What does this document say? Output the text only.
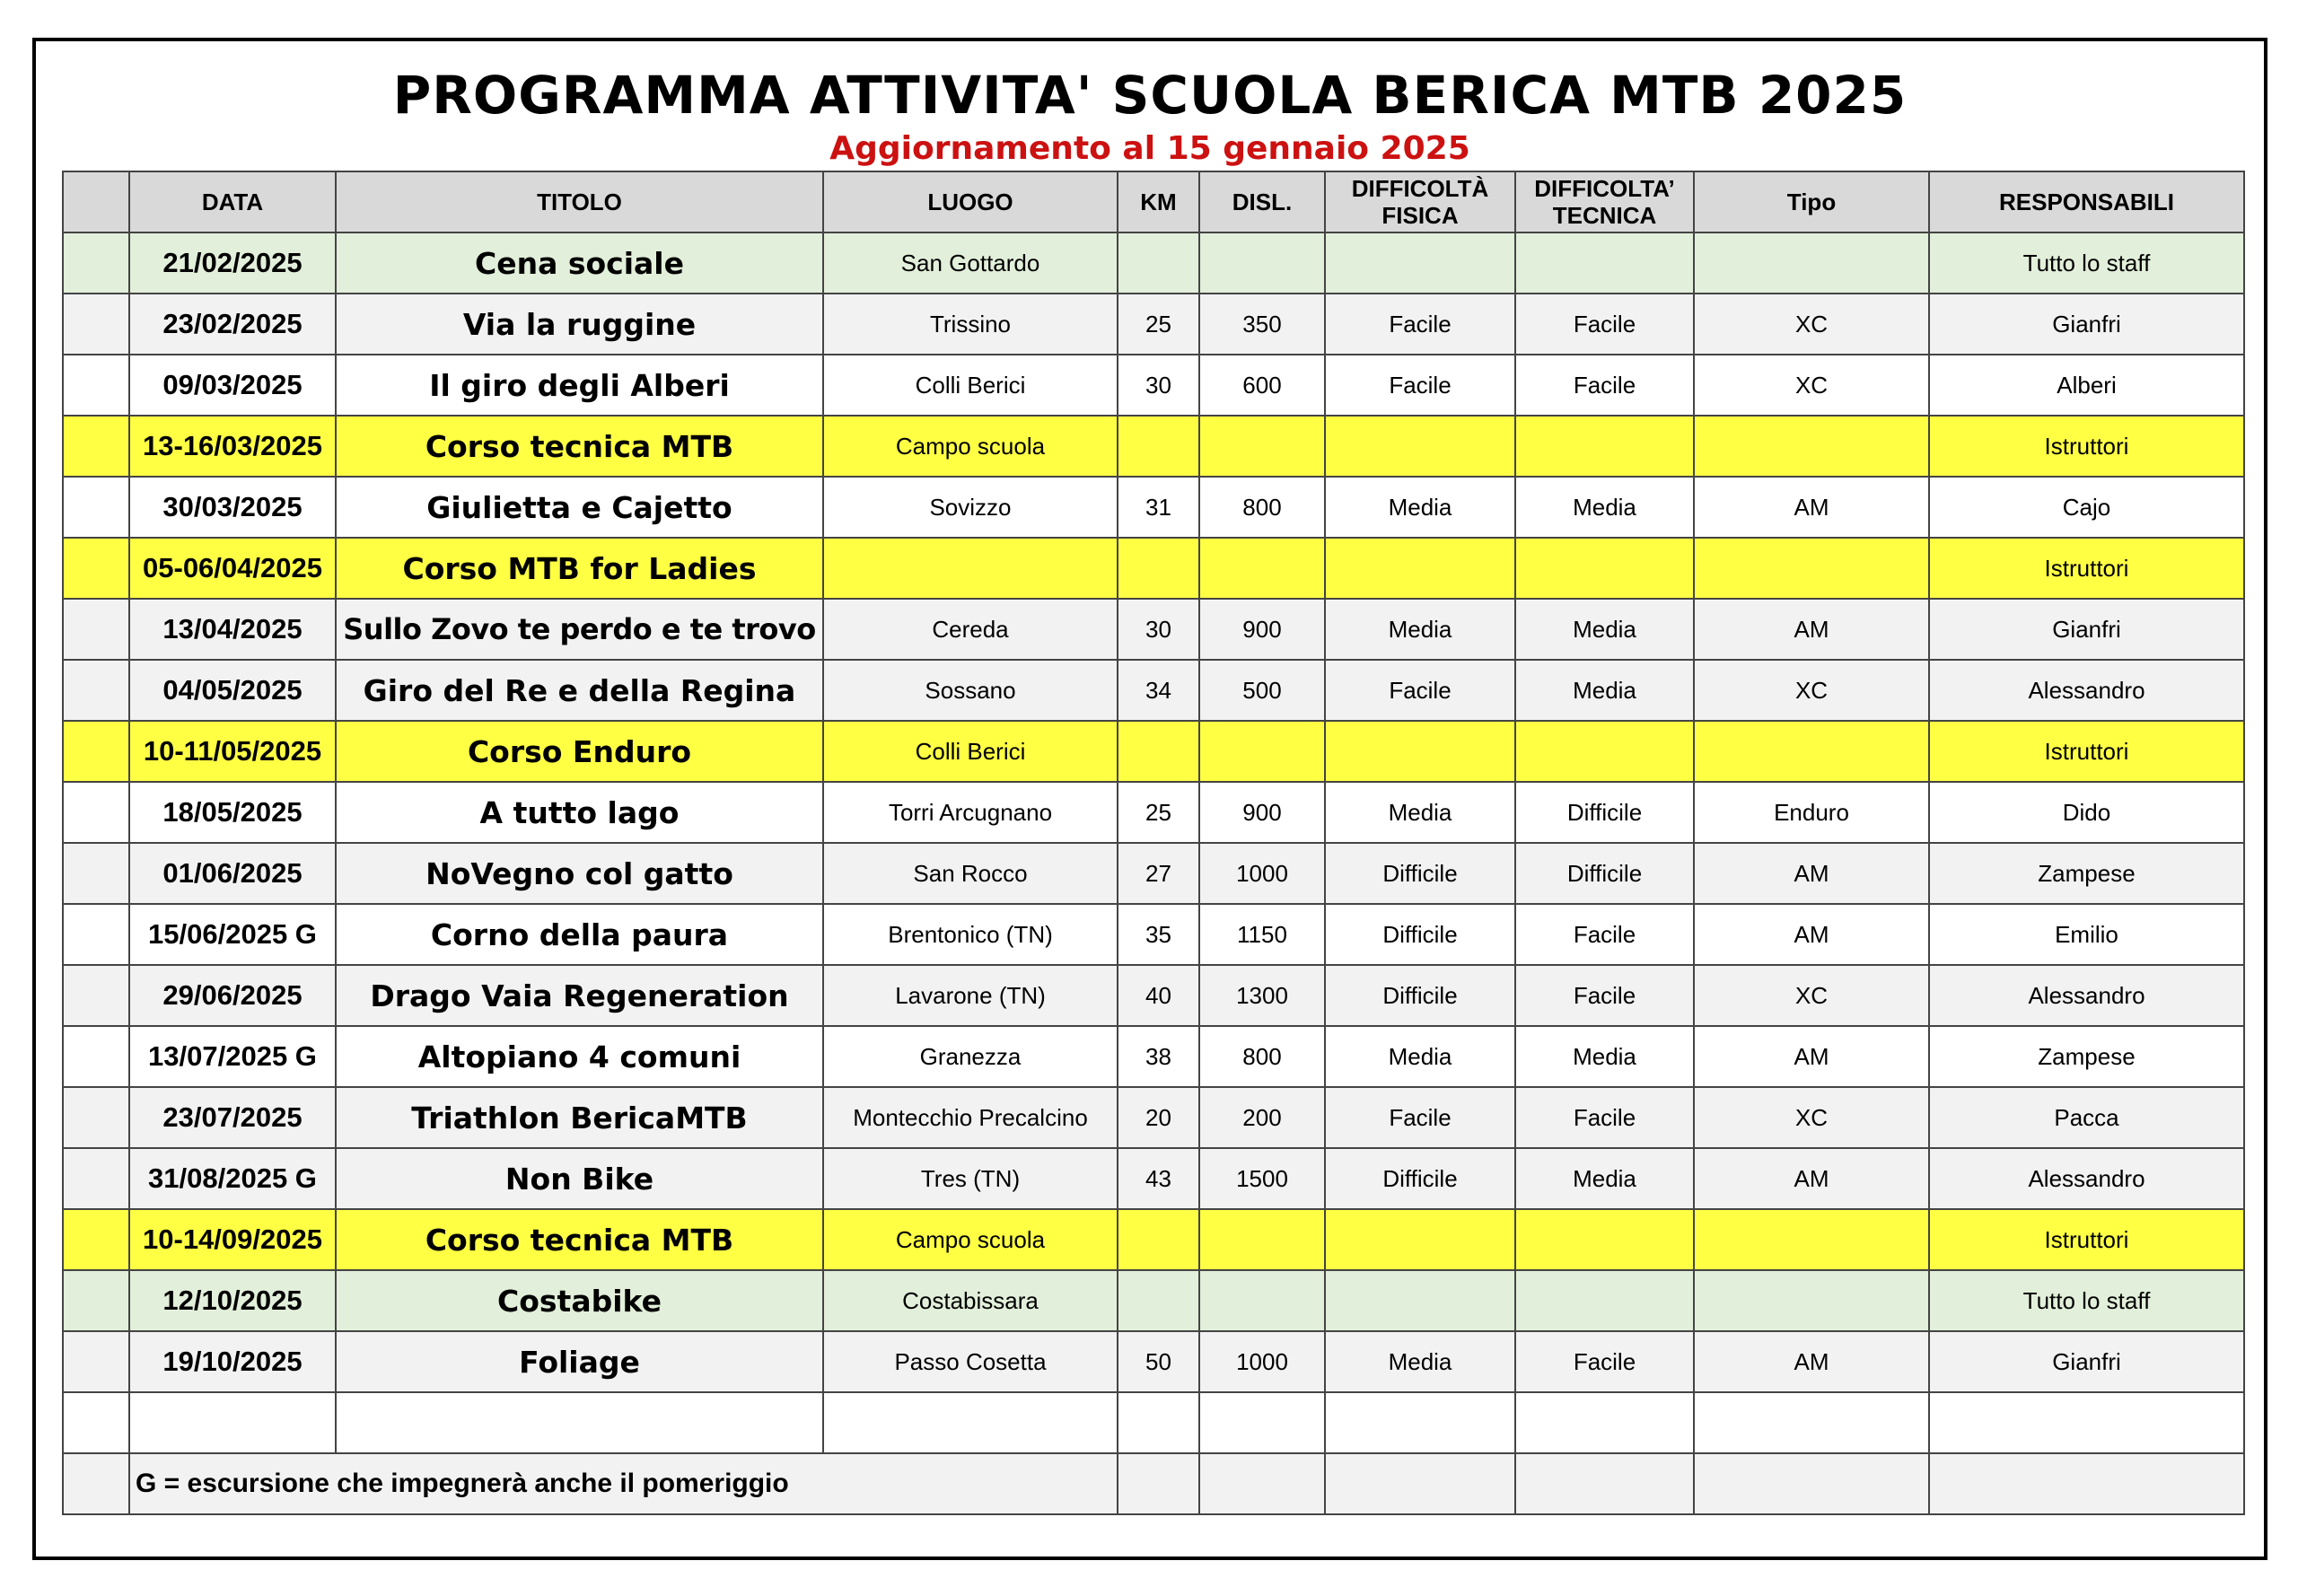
PROGRAMMA ATTIVITA' SCUOLA BERICA MTB 2025
Aggiornamento al 15 gennaio 2025
	DATA	TITOLO	LUOGO	KM	DISL.	DIFFICOLTÀ FISICA	DIFFICOLTA’ TECNICA	Tipo	RESPONSABILI
	21/02/2025	Cena sociale	San Gottardo						Tutto lo staff
	23/02/2025	Via la ruggine	Trissino	25	350	Facile	Facile	XC	Gianfri
	09/03/2025	Il giro degli Alberi	Colli Berici	30	600	Facile	Facile	XC	Alberi
	13-16/03/2025	Corso tecnica MTB	Campo scuola						Istruttori
	30/03/2025	Giulietta e Cajetto	Sovizzo	31	800	Media	Media	AM	Cajo
	05-06/04/2025	Corso MTB for Ladies							Istruttori
	13/04/2025	Sullo Zovo te perdo e te trovo	Cereda	30	900	Media	Media	AM	Gianfri
	04/05/2025	Giro del Re e della Regina	Sossano	34	500	Facile	Media	XC	Alessandro
	10-11/05/2025	Corso Enduro	Colli Berici						Istruttori
	18/05/2025	A tutto lago	Torri Arcugnano	25	900	Media	Difficile	Enduro	Dido
	01/06/2025	NoVegno col gatto	San Rocco	27	1000	Difficile	Difficile	AM	Zampese
	15/06/2025 G	Corno della paura	Brentonico (TN)	35	1150	Difficile	Facile	AM	Emilio
	29/06/2025	Drago Vaia Regeneration	Lavarone (TN)	40	1300	Difficile	Facile	XC	Alessandro
	13/07/2025 G	Altopiano 4 comuni	Granezza	38	800	Media	Media	AM	Zampese
	23/07/2025	Triathlon BericaMTB	Montecchio Precalcino	20	200	Facile	Facile	XC	Pacca
	31/08/2025 G	Non Bike	Tres (TN)	43	1500	Difficile	Media	AM	Alessandro
	10-14/09/2025	Corso tecnica MTB	Campo scuola						Istruttori
	12/10/2025	Costabike	Costabissara						Tutto lo staff
	19/10/2025	Foliage	Passo Cosetta	50	1000	Media	Facile	AM	Gianfri

	G = escursione che impegnerà anche il pomeriggio								
